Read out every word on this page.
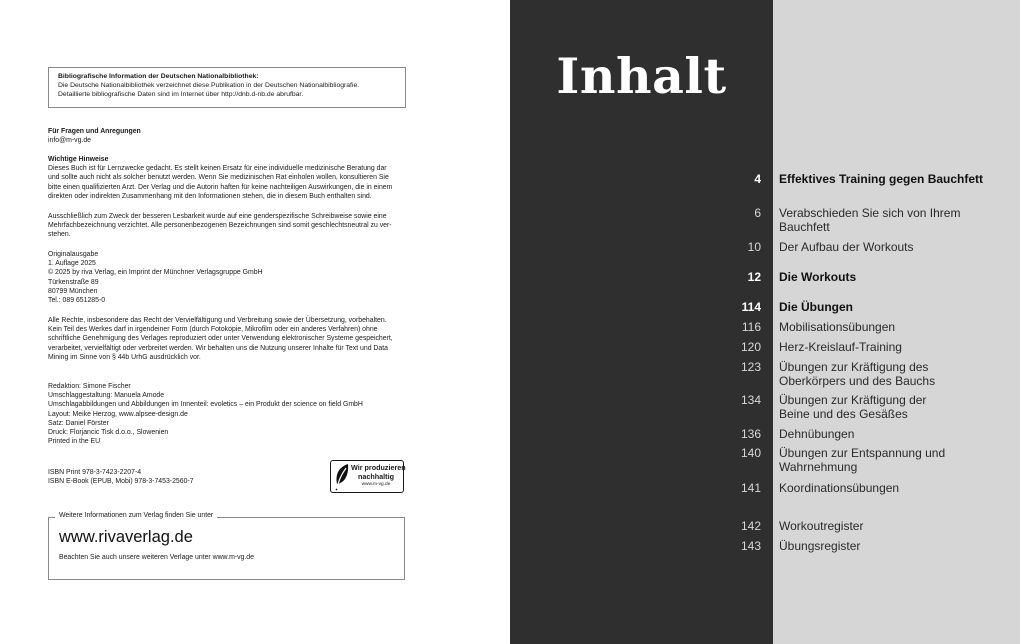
Bibliografische Information der Deutschen Nationalbibliothek:
Die Deutsche Nationalbibliothek verzeichnet diese Publikation in der Deutschen Nationalbibliografie.
Detaillierte bibliografische Daten sind im Internet über http://dnb.d-nb.de abrufbar.
Für Fragen und Anregungen
info@m-vg.de
Wichtige Hinweise
Dieses Buch ist für Lernzwecke gedacht. Es stellt keinen Ersatz für eine individuelle medizinische Beratung dar
und sollte auch nicht als solcher benutzt werden. Wenn Sie medizinischen Rat einholen wollen, konsultieren Sie
bitte einen qualifizierten Arzt. Der Verlag und die Autorin haften für keine nachteiligen Auswirkungen, die in einem
direkten oder indirekten Zusammenhang mit den Informationen stehen, die in diesem Buch enthalten sind.
Ausschließlich zum Zweck der besseren Lesbarkeit wurde auf eine genderspezifische Schreibweise sowie eine
Mehrfachbezeichnung verzichtet. Alle personenbezogenen Bezeichnungen sind somit geschlechtsneutral zu ver-
stehen.
Originalausgabe
1. Auflage 2025
© 2025 by riva Verlag, ein Imprint der Münchner Verlagsgruppe GmbH
Türkenstraße 89
80799 München
Tel.: 089 651285-0
Alle Rechte, insbesondere das Recht der Vervielfältigung und Verbreitung sowie der Übersetzung, vorbehalten.
Kein Teil des Werkes darf in irgendeiner Form (durch Fotokopie, Mikrofilm oder ein anderes Verfahren) ohne
schriftliche Genehmigung des Verlages reproduziert oder unter Verwendung elektronischer Systeme gespeichert,
verarbeitet, vervielfältigt oder verbreitet werden. Wir behalten uns die Nutzung unserer Inhalte für Text und Data
Mining im Sinne von § 44b UrhG ausdrücklich vor.
Redaktion: Simone Fischer
Umschlaggestaltung: Manuela Amode
Umschlagabbildungen und Abbildungen im Innenteil: evoletics – ein Produkt der science on field GmbH
Layout: Meike Herzog, www.alpsee-design.de
Satz: Daniel Förster
Druck: Florjancic Tisk d.o.o., Slowenien
Printed in the EU
ISBN Print 978-3-7423-2207-4
ISBN E-Book (EPUB, Mobi) 978-3-7453-2560-7
Wir produzieren
nachhaltig
www.m-vg.de
Weitere Informationen zum Verlag finden Sie unter
www.rivaverlag.de
Beachten Sie auch unsere weiteren Verlage unter www.m-vg.de
Inhalt
4 Effektives Training gegen Bauchfett
6 Verabschieden Sie sich von Ihrem Bauchfett
10 Der Aufbau der Workouts
12 Die Workouts
114 Die Übungen
116 Mobilisationsübungen
120 Herz-Kreislauf-Training
123 Übungen zur Kräftigung des Oberkörpers und des Bauchs
134 Übungen zur Kräftigung der Beine und des Gesäßes
136 Dehnübungen
140 Übungen zur Entspannung und Wahrnehmung
141 Koordinationsübungen
142 Workoutregister
143 Übungsregister
